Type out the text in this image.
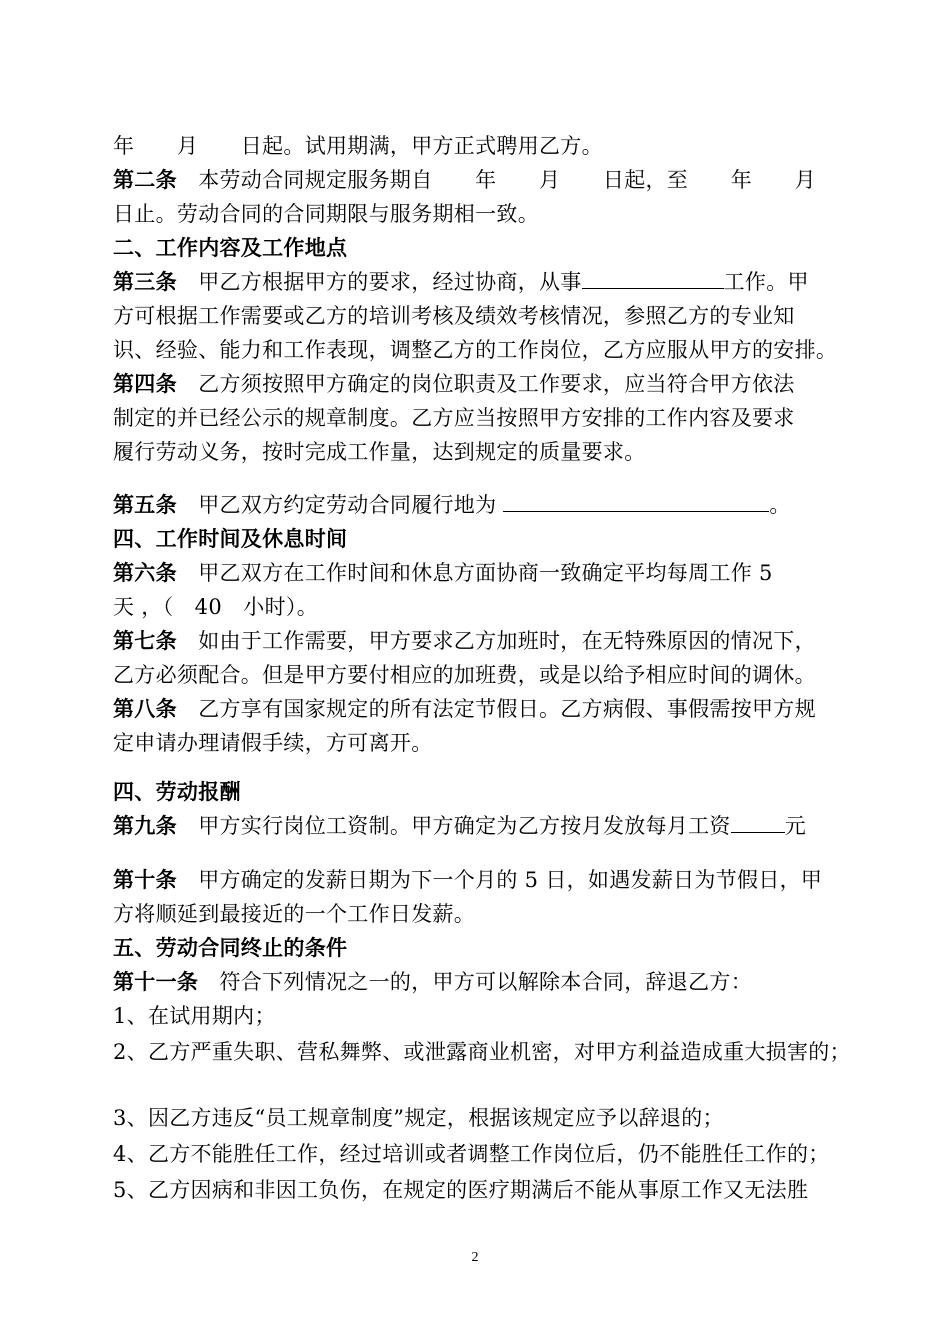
年　　月　　日起。试用期满，甲方正式聘用乙方。
第二条　本劳动合同规定服务期自　　年　　月　　日起，至　　年　　月
日止。劳动合同的合同期限与服务期相一致。
二、工作内容及工作地点
第三条　甲乙方根据甲方的要求，经过协商，从事	工作。甲
方可根据工作需要或乙方的培训考核及绩效考核情况，参照乙方的专业知
识、经验、能力和工作表现，调整乙方的工作岗位，乙方应服从甲方的安排。
第四条　乙方须按照甲方确定的岗位职责及工作要求，应当符合甲方依法
制定的并已经公示的规章制度。乙方应当按照甲方安排的工作内容及要求
履行劳动义务，按时完成工作量，达到规定的质量要求。
第五条　甲乙双方约定劳动合同履行地为	。
四、工作时间及休息时间
第六条　甲乙双方在工作时间和休息方面协商一致确定平均每周工作 5
天 ，（　40　小时）。
第七条　如由于工作需要，甲方要求乙方加班时，在无特殊原因的情况下，
乙方必须配合。但是甲方要付相应的加班费，或是以给予相应时间的调休。
第八条　乙方享有国家规定的所有法定节假日。乙方病假、事假需按甲方规
定申请办理请假手续，方可离开。
四、劳动报酬
第九条　甲方实行岗位工资制。甲方确定为乙方按月发放每月工资	元
第十条　甲方确定的发薪日期为下一个月的 5 日，如遇发薪日为节假日，甲
方将顺延到最接近的一个工作日发薪。
五、劳动合同终止的条件
第十一条　符合下列情况之一的，甲方可以解除本合同，辞退乙方：
1、在试用期内；
2、乙方严重失职、营私舞弊、或泄露商业机密，对甲方利益造成重大损害的；
3、因乙方违反“员工规章制度”规定，根据该规定应予以辞退的；
4、乙方不能胜任工作，经过培训或者调整工作岗位后，仍不能胜任工作的；
5、乙方因病和非因工负伤，在规定的医疗期满后不能从事原工作又无法胜
2
